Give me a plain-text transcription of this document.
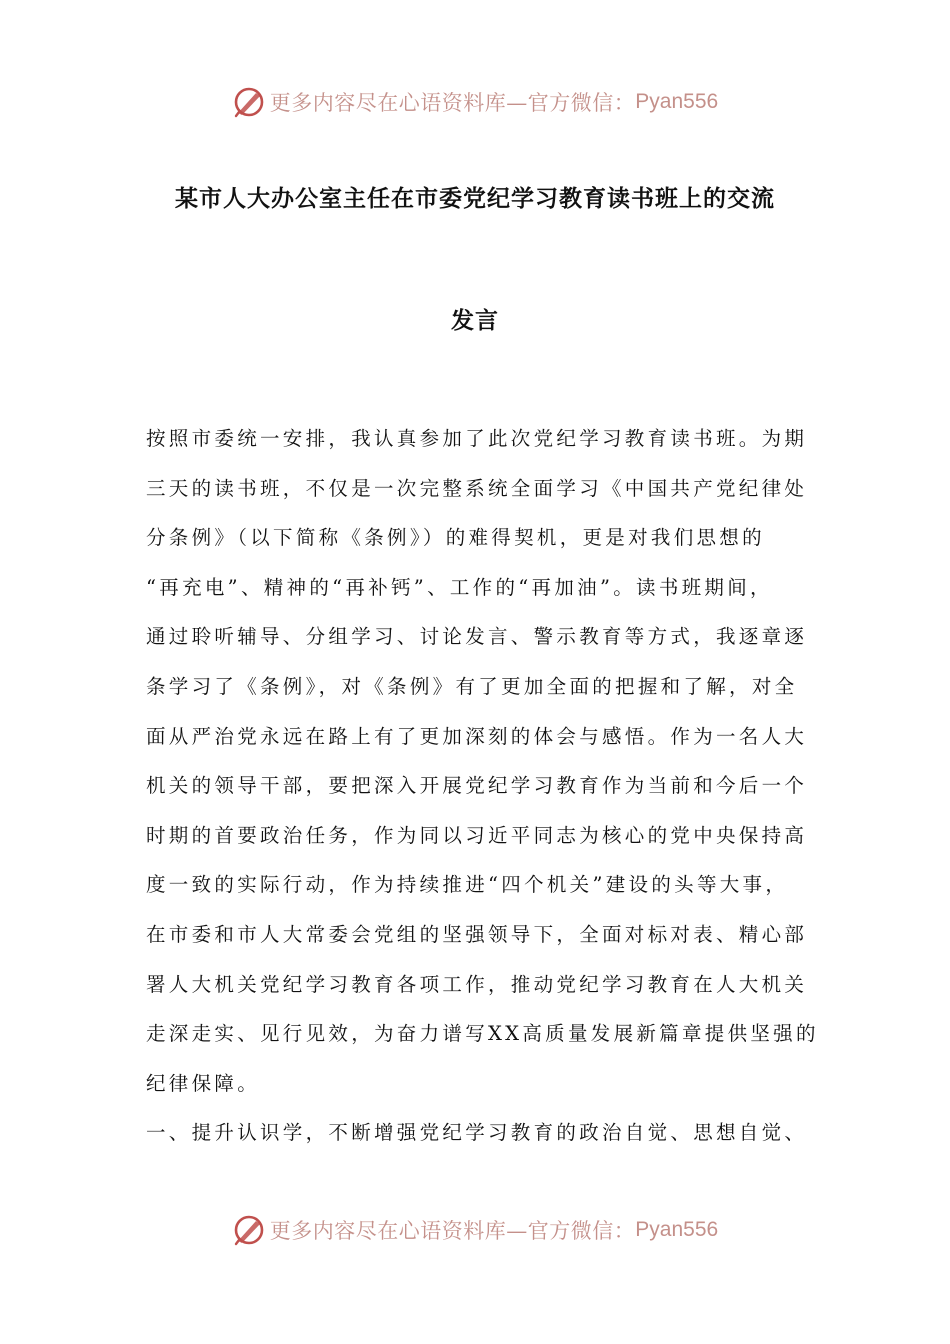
更多内容尽在心语资料库—官方微信： Pyan556
某市人大办公室主任在市委党纪学习教育读书班上的交流
发言
按照市委统一安排，我认真参加了此次党纪学习教育读书班。为期
三天的读书班，不仅是一次完整系统全面学习《中国共产党纪律处
分条例》（以下简称《条例》）的难得契机，更是对我们思想的
“再充电”、精神的“再补钙”、工作的“再加油”。读书班期间，
通过聆听辅导、分组学习、讨论发言、警示教育等方式，我逐章逐
条学习了《条例》，对《条例》有了更加全面的把握和了解，对全
面从严治党永远在路上有了更加深刻的体会与感悟。作为一名人大
机关的领导干部，要把深入开展党纪学习教育作为当前和今后一个
时期的首要政治任务，作为同以习近平同志为核心的党中央保持高
度一致的实际行动，作为持续推进“四个机关”建设的头等大事，
在市委和市人大常委会党组的坚强领导下，全面对标对表、精心部
署人大机关党纪学习教育各项工作，推动党纪学习教育在人大机关
走深走实、见行见效，为奋力谱写XX高质量发展新篇章提供坚强的
纪律保障。
一、提升认识学，不断增强党纪学习教育的政治自觉、思想自觉、
更多内容尽在心语资料库—官方微信： Pyan556
